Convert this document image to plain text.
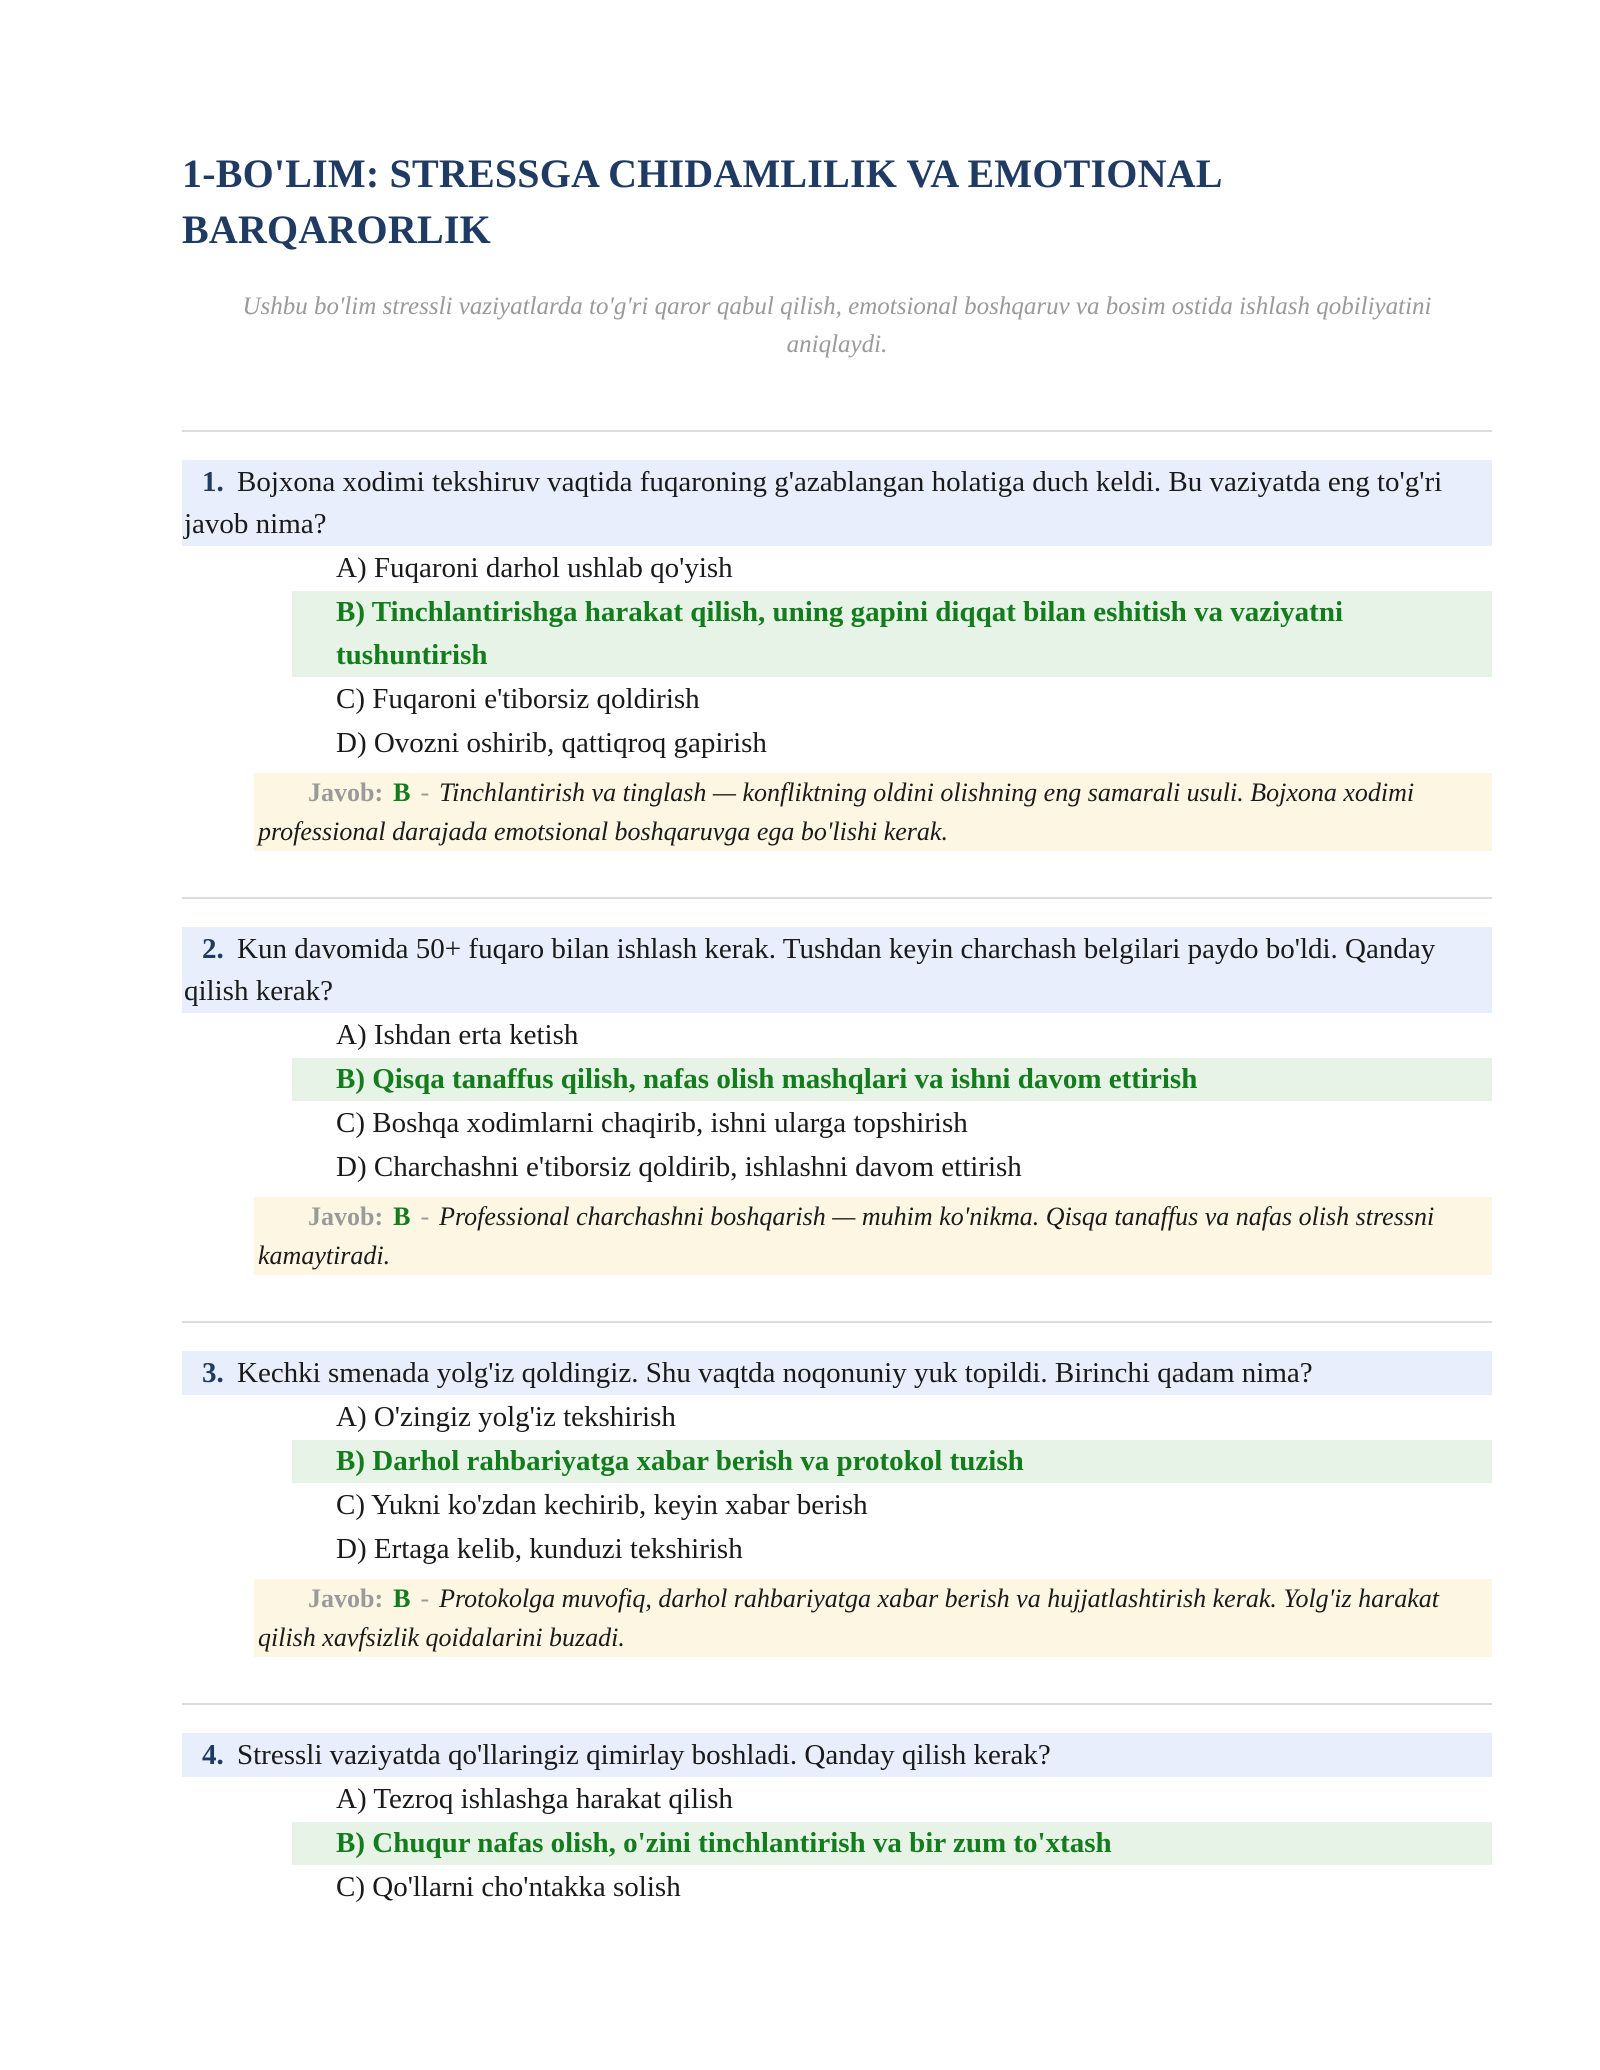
1-BO'LIM: STRESSGA CHIDAMLILIK VA EMOTIONAL BARQARORLIK

Ushbu bo'lim stressli vaziyatlarda to'g'ri qaror qabul qilish, emotsional boshqaruv va bosim ostida ishlash qobiliyatini aniqlaydi.

1. Bojxona xodimi tekshiruv vaqtida fuqaroning g'azablangan holatiga duch keldi. Bu vaziyatda eng to'g'ri javob nima?

A) Fuqaroni darhol ushlab qo'yish
B) Tinchlantirishga harakat qilish, uning gapini diqqat bilan eshitish va vaziyatni tushuntirish
C) Fuqaroni e'tiborsiz qoldirish
D) Ovozni oshirib, qattiqroq gapirish
Javob: B - Tinchlantirish va tinglash — konfliktning oldini olishning eng samarali usuli. Bojxona xodimi professional darajada emotsional boshqaruvga ega bo'lishi kerak.

2. Kun davomida 50+ fuqaro bilan ishlash kerak. Tushdan keyin charchash belgilari paydo bo'ldi. Qanday qilish kerak?

A) Ishdan erta ketish
B) Qisqa tanaffus qilish, nafas olish mashqlari va ishni davom ettirish
C) Boshqa xodimlarni chaqirib, ishni ularga topshirish
D) Charchashni e'tiborsiz qoldirib, ishlashni davom ettirish
Javob: B - Professional charchashni boshqarish — muhim ko'nikma. Qisqa tanaffus va nafas olish stressni kamaytiradi.

3. Kechki smenada yolg'iz qoldingiz. Shu vaqtda noqonuniy yuk topildi. Birinchi qadam nima?

A) O'zingiz yolg'iz tekshirish
B) Darhol rahbariyatga xabar berish va protokol tuzish
C) Yukni ko'zdan kechirib, keyin xabar berish
D) Ertaga kelib, kunduzi tekshirish
Javob: B - Protokolga muvofiq, darhol rahbariyatga xabar berish va hujjatlashtirish kerak. Yolg'iz harakat qilish xavfsizlik qoidalarini buzadi.

4. Stressli vaziyatda qo'llaringiz qimirlay boshladi. Qanday qilish kerak?

A) Tezroq ishlashga harakat qilish
B) Chuqur nafas olish, o'zini tinchlantirish va bir zum to'xtash
C) Qo'llarni cho'ntakka solish
